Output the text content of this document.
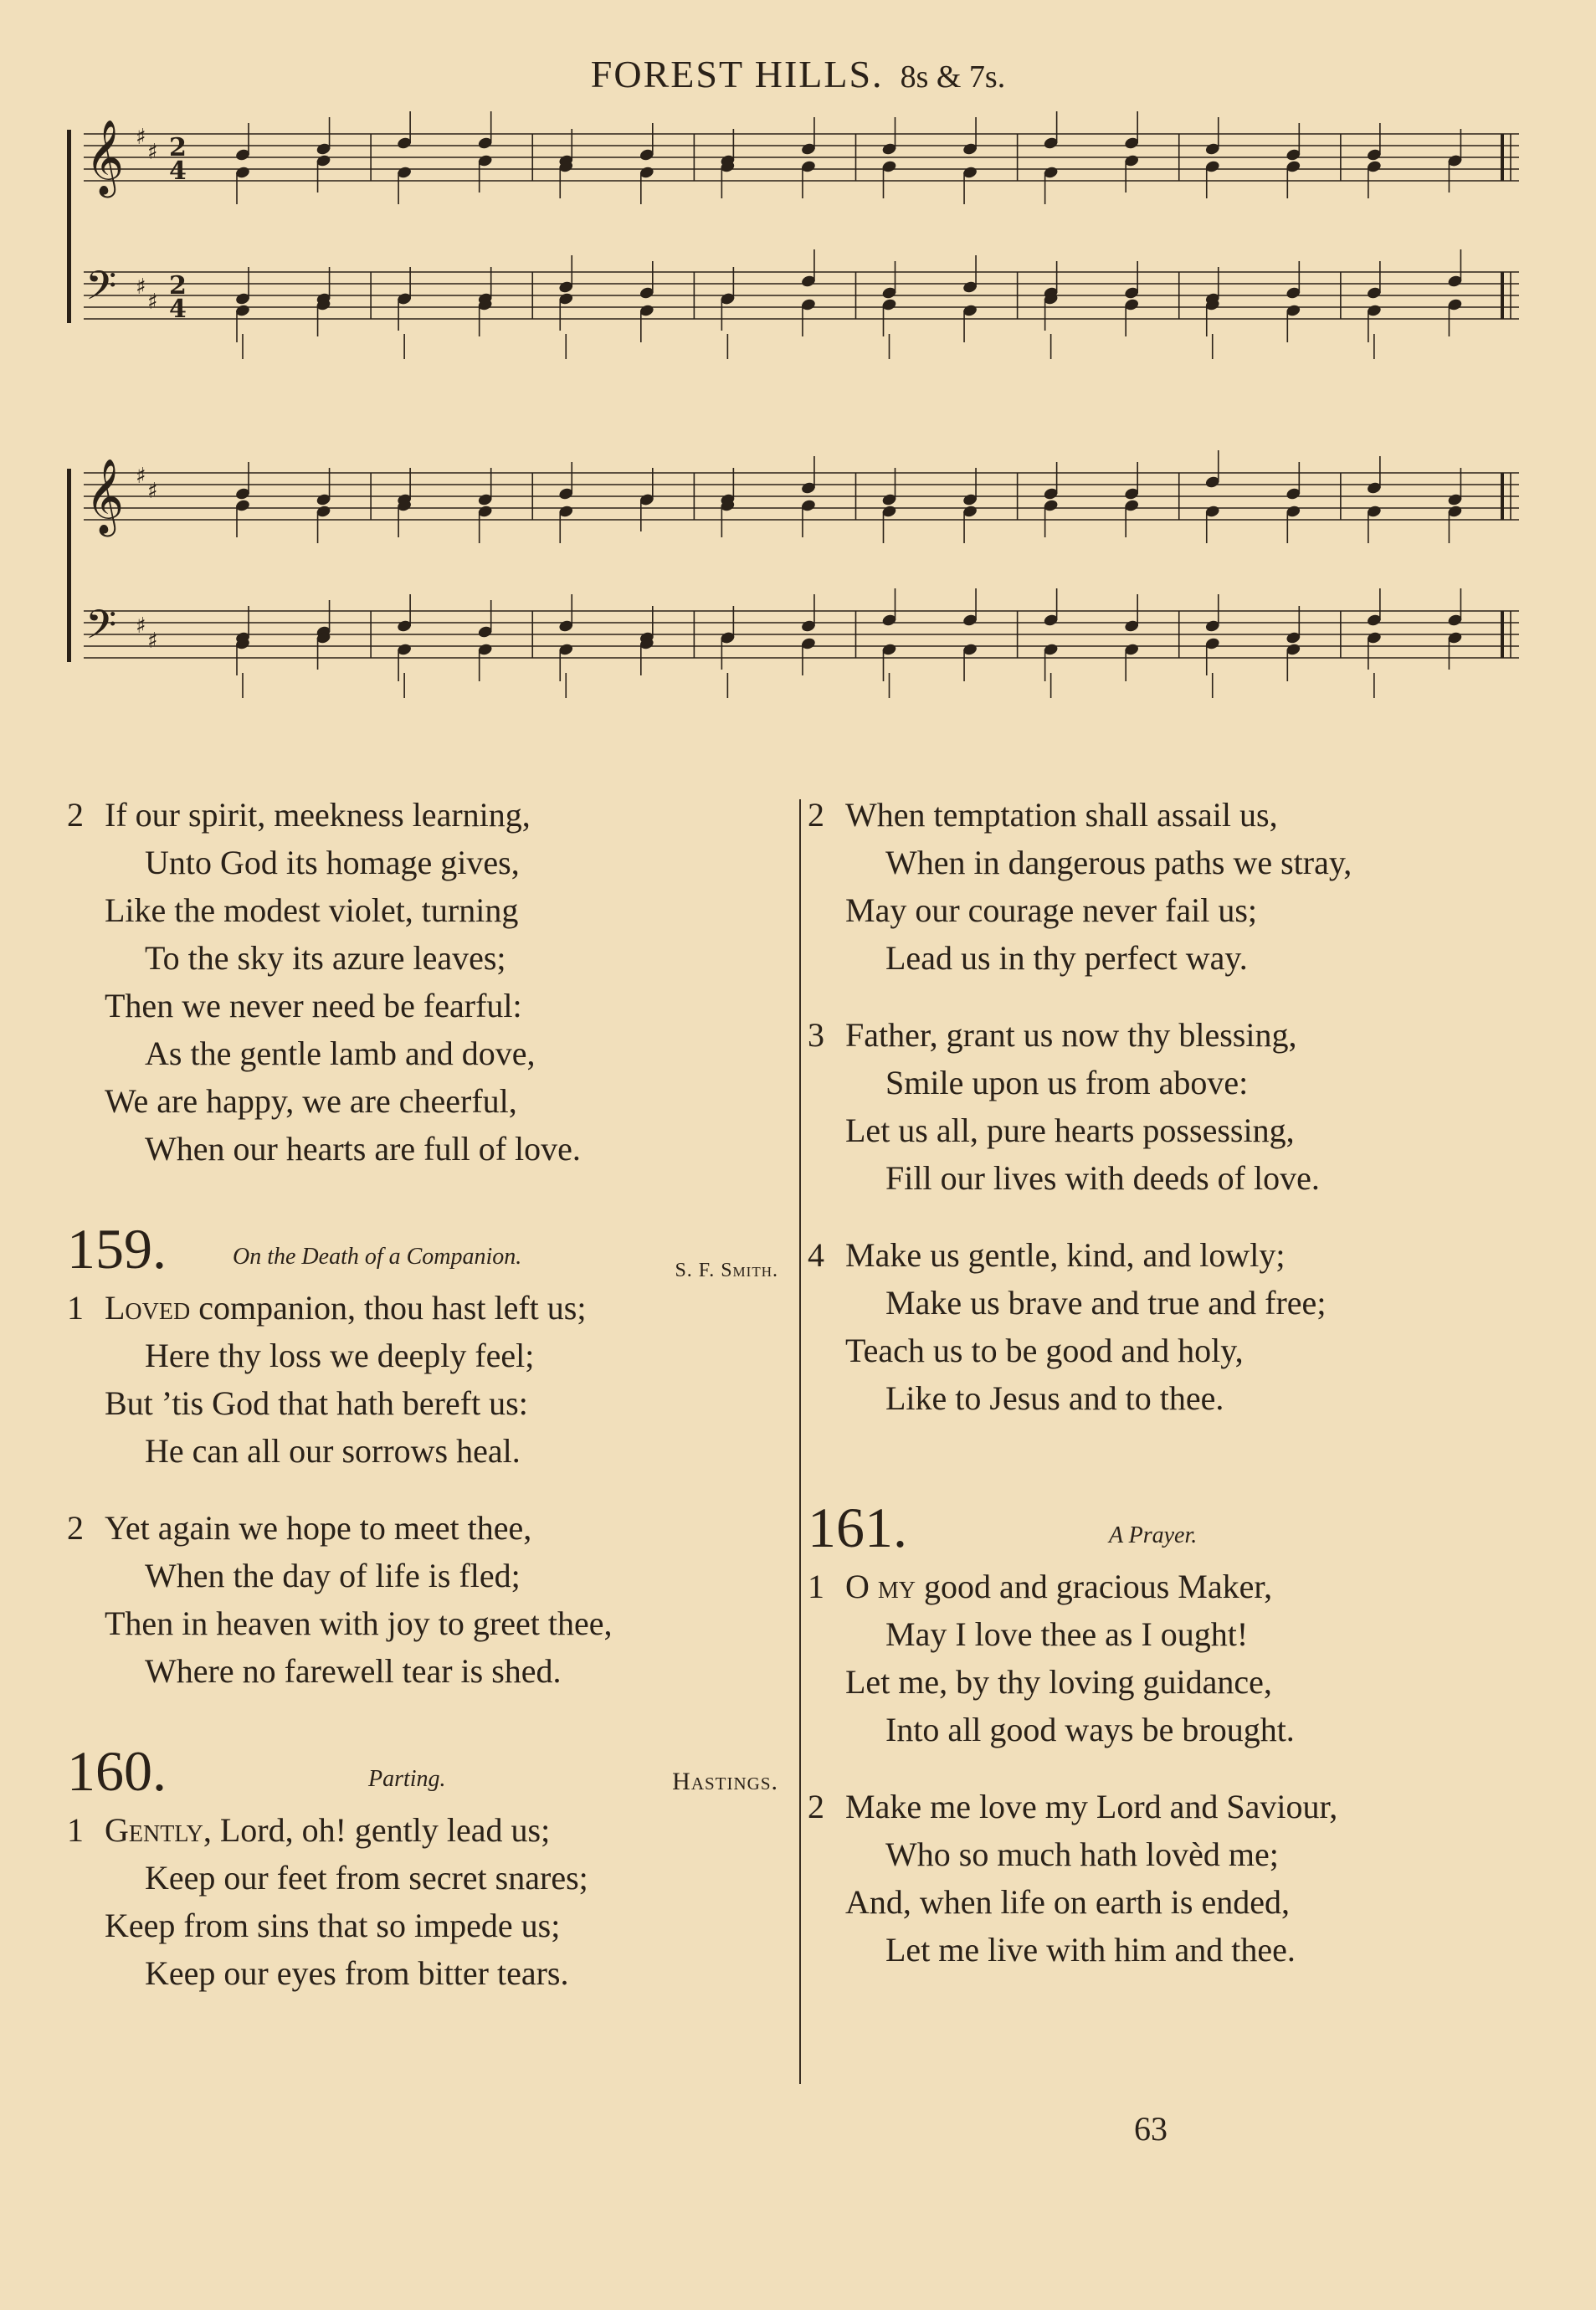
FOREST HILLS. 8s & 7s.
𝄞 ♯
♯ 2
4
𝄢 ♯
♯
2
4
𝄞 ♯
♯
𝄢 ♯
♯
2 If our spirit, meekness learning,
Unto God its homage gives,
Like the modest violet, turning
To the sky its azure leaves;
Then we never need be fearful:
As the gentle lamb and dove,
We are happy, we are cheerful,
When our hearts are full of love.
159.	On the Death of a Companion.
S. F. Smith.
1 Loved companion, thou hast left us;
Here thy loss we deeply feel;
But ’tis God that hath bereft us:
He can all our sorrows heal.
2 Yet again we hope to meet thee,
When the day of life is fled;
Then in heaven with joy to greet thee,
Where no farewell tear is shed.
160.	Parting.	Hastings.
1 Gently, Lord, oh! gently lead us;
Keep our feet from secret snares;
Keep from sins that so impede us;
Keep our eyes from bitter tears.
2 When temptation shall assail us,
When in dangerous paths we stray,
May our courage never fail us;
Lead us in thy perfect way.
3 Father, grant us now thy blessing,
Smile upon us from above:
Let us all, pure hearts possessing,
Fill our lives with deeds of love.
4 Make us gentle, kind, and lowly;
Make us brave and true and free;
Teach us to be good and holy,
Like to Jesus and to thee.
161.	A Prayer.
1 O my good and gracious Maker,
May I love thee as I ought!
Let me, by thy loving guidance,
Into all good ways be brought.
2 Make me love my Lord and Saviour,
Who so much hath lovèd me;
And, when life on earth is ended,
Let me live with him and thee.
63
